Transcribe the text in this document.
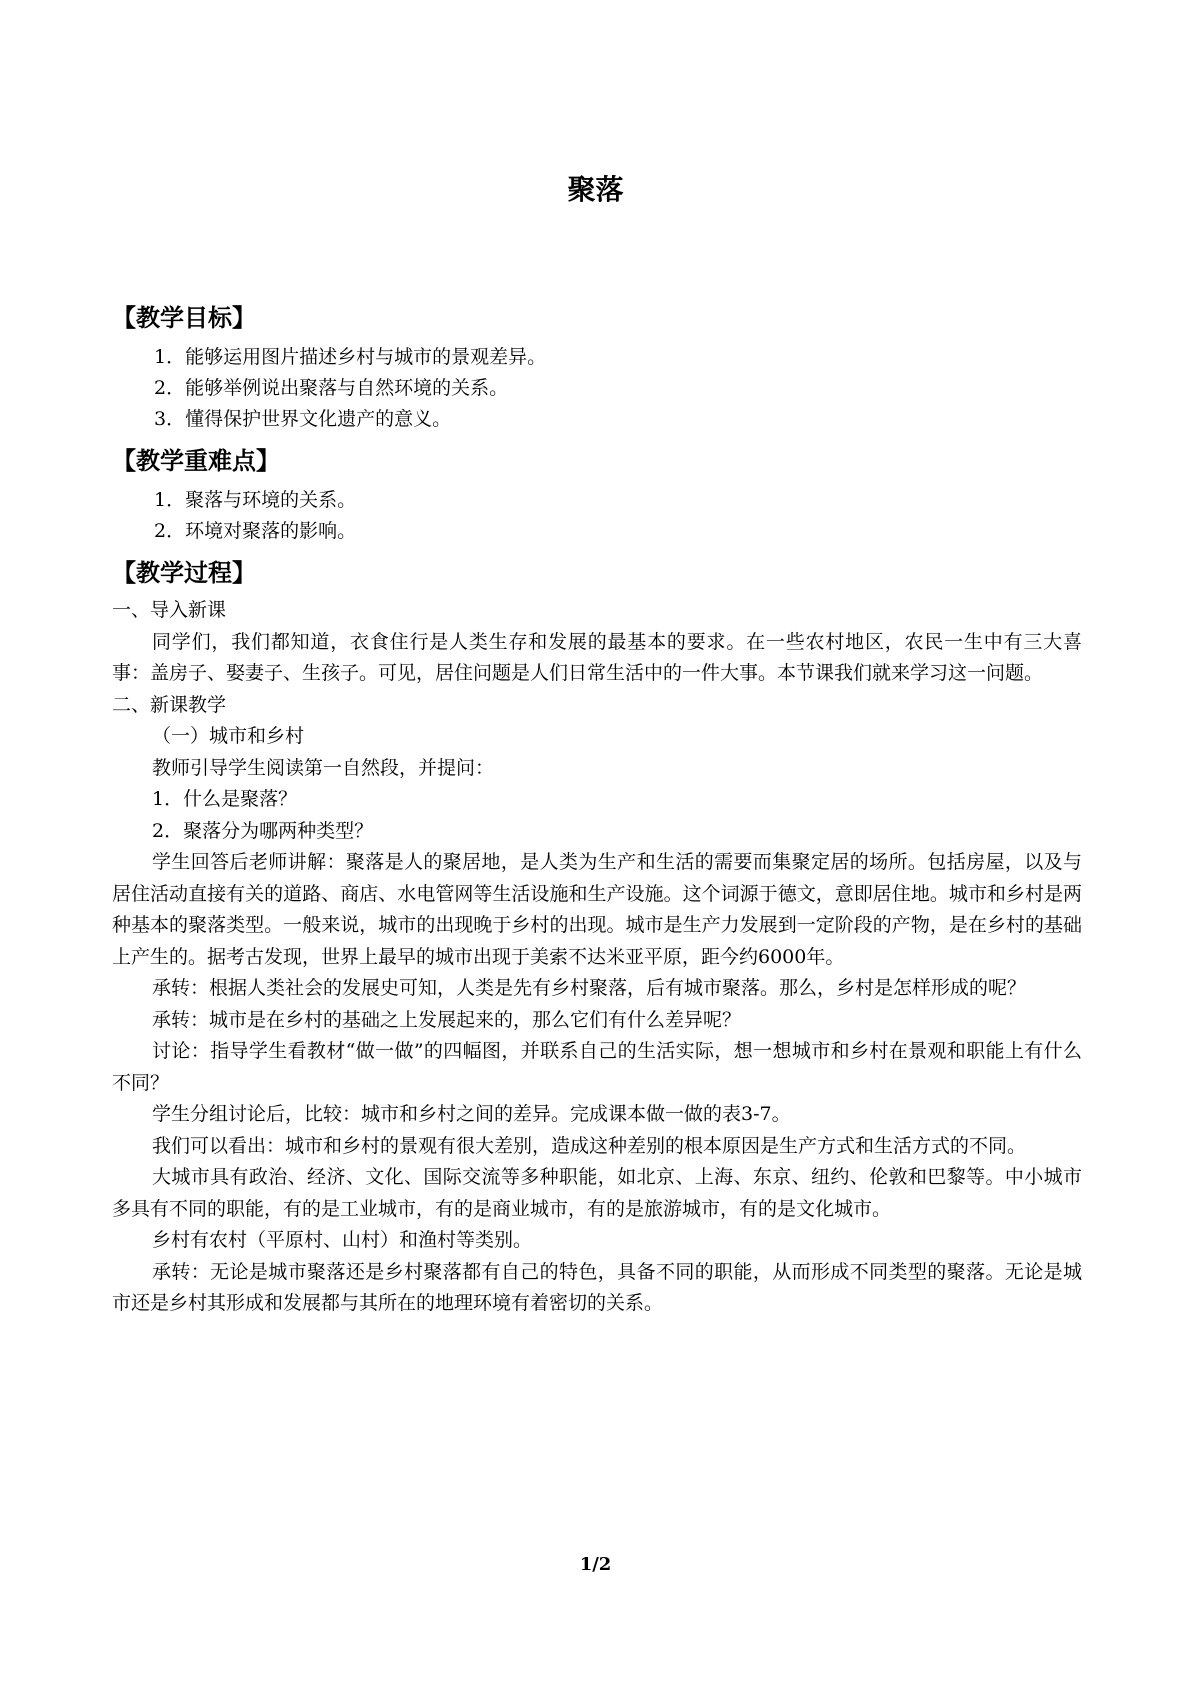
聚落
【教学目标】
1．能够运用图片描述乡村与城市的景观差异。
2．能够举例说出聚落与自然环境的关系。
3．懂得保护世界文化遗产的意义。
【教学重难点】
1．聚落与环境的关系。
2．环境对聚落的影响。
【教学过程】

一、导入新课

同学们，我们都知道，衣食住行是人类生存和发展的最基本的要求。在一些农村地区，农民一生中有三大喜事：盖房子、娶妻子、生孩子。可见，居住问题是人们日常生活中的一件大事。本节课我们就来学习这一问题。

二、新课教学

（一）城市和乡村

教师引导学生阅读第一自然段，并提问：

1．什么是聚落？

2．聚落分为哪两种类型？

学生回答后老师讲解：聚落是人的聚居地，是人类为生产和生活的需要而集聚定居的场所。包括房屋，以及与居住活动直接有关的道路、商店、水电管网等生活设施和生产设施。这个词源于德文，意即居住地。城市和乡村是两种基本的聚落类型。一般来说，城市的出现晚于乡村的出现。城市是生产力发展到一定阶段的产物，是在乡村的基础上产生的。据考古发现，世界上最早的城市出现于美索不达米亚平原，距今约6000年。

承转：根据人类社会的发展史可知，人类是先有乡村聚落，后有城市聚落。那么，乡村是怎样形成的呢？

承转：城市是在乡村的基础之上发展起来的，那么它们有什么差异呢？

讨论：指导学生看教材“做一做”的四幅图，并联系自己的生活实际，想一想城市和乡村在景观和职能上有什么不同？

学生分组讨论后，比较：城市和乡村之间的差异。完成课本做一做的表3-7。

我们可以看出：城市和乡村的景观有很大差别，造成这种差别的根本原因是生产方式和生活方式的不同。

大城市具有政治、经济、文化、国际交流等多种职能，如北京、上海、东京、纽约、伦敦和巴黎等。中小城市多具有不同的职能，有的是工业城市，有的是商业城市，有的是旅游城市，有的是文化城市。

乡村有农村（平原村、山村）和渔村等类别。

承转：无论是城市聚落还是乡村聚落都有自己的特色，具备不同的职能，从而形成不同类型的聚落。无论是城市还是乡村其形成和发展都与其所在的地理环境有着密切的关系。

1/2
